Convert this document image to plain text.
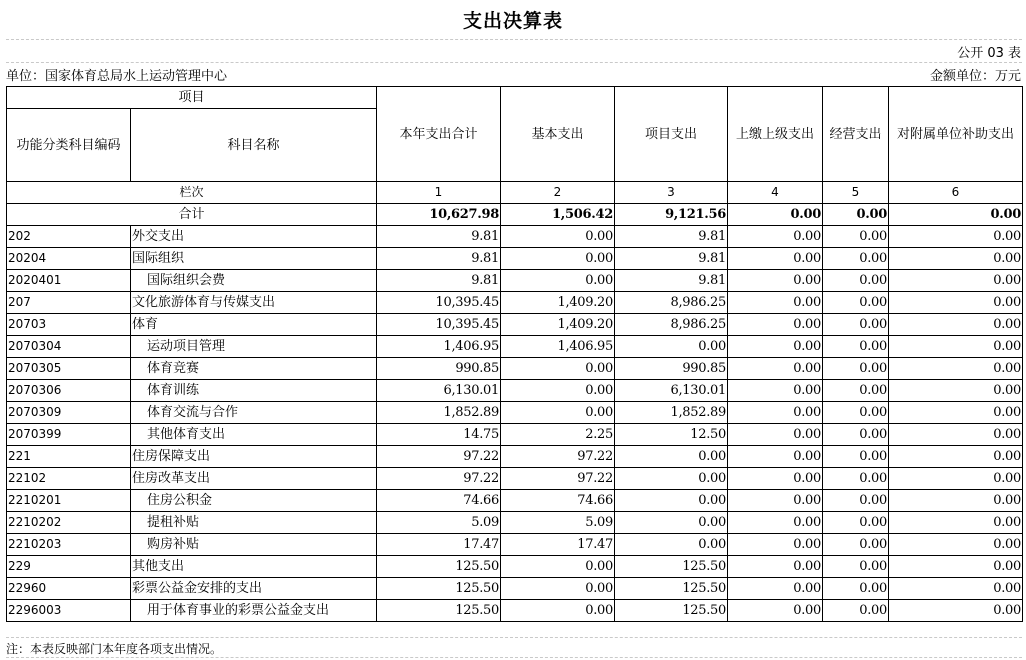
支出决算表
公开 03 表
单位：国家体育总局水上运动管理中心	金额单位：万元
项目		本年支出合计	基本支出	项目支出	上缴上级支出	经营支出	对附属单位补助支出
功能分类科目编码	科目名称						
栏次		1	2	3	4	5	6
合计		10,627.98	1,506.42	9,121.56	0.00	0.00	0.00
202	外交支出	9.81	0.00	9.81	0.00	0.00	0.00
20204	国际组织	9.81	0.00	9.81	0.00	0.00	0.00
2020401	国际组织会费	9.81	0.00	9.81	0.00	0.00	0.00
207	文化旅游体育与传媒支出	10,395.45	1,409.20	8,986.25	0.00	0.00	0.00
20703	体育	10,395.45	1,409.20	8,986.25	0.00	0.00	0.00
2070304	运动项目管理	1,406.95	1,406.95	0.00	0.00	0.00	0.00
2070305	体育竞赛	990.85	0.00	990.85	0.00	0.00	0.00
2070306	体育训练	6,130.01	0.00	6,130.01	0.00	0.00	0.00
2070309	体育交流与合作	1,852.89	0.00	1,852.89	0.00	0.00	0.00
2070399	其他体育支出	14.75	2.25	12.50	0.00	0.00	0.00
221	住房保障支出	97.22	97.22	0.00	0.00	0.00	0.00
22102	住房改革支出	97.22	97.22	0.00	0.00	0.00	0.00
2210201	住房公积金	74.66	74.66	0.00	0.00	0.00	0.00
2210202	提租补贴	5.09	5.09	0.00	0.00	0.00	0.00
2210203	购房补贴	17.47	17.47	0.00	0.00	0.00	0.00
229	其他支出	125.50	0.00	125.50	0.00	0.00	0.00
22960	彩票公益金安排的支出	125.50	0.00	125.50	0.00	0.00	0.00
2296003	用于体育事业的彩票公益金支出	125.50	0.00	125.50	0.00	0.00	0.00
注：本表反映部门本年度各项支出情况。
